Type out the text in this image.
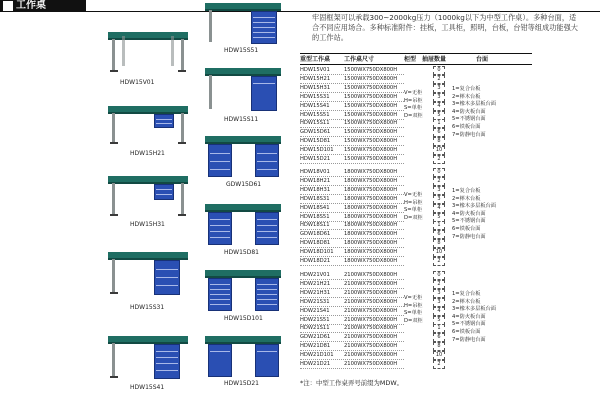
工作桌
牢固框架可以承载300~2000kg压力（1000kg以下为中型工作桌）。多种台面，适合不同应用场合。多种标准附件：挂板，工具柜，照明，台板，台钳等组成功能强大的工作站。
HDW15V01
HDW15H21
HDW15H31
HDW15S31
HDW15S41
HDW15S51
HDW15S11
GDW15D61
HDW15D81
HDW15D101
HDW15D21
重型工作桌 工作桌尺寸	柜型 抽屉数量	台面
HDW15V01	1500WX750DX800H	0
HDW15H21	1500WX750DX800H	2
HDW15H31	1500WX750DX800H	3
HDW15S31	1500WX750DX800H	3
HDW15S41	1500WX750DX800H	4
HDW15S51	1500WX750DX800H	5
HDW15S11	1500WX750DX800H	1
GDW15D61	1500WX750DX800H	6
HDW15D81	1500WX750DX800H	8
HDW15D101	1500WX750DX800H	10
HDW15D21	1500WX750DX800H	2
V=无柜
H=吊柜
S=单柜
D=双柜
1=复合台板
2=榉木台板
3=橡木多层板台面
4=防火板台面
5=不锈钢台面
6=铁板台面
7=防静电台面
HDW18V01	1800WX750DX800H	0
HDW18H21	1800WX750DX800H	2
HDW18H31	1800WX750DX800H	3
HDW18S31	1800WX750DX800H	3
HDW18S41	1800WX750DX800H	4
HDW18S51	1800WX750DX800H	5
HDW18S11	1800WX750DX800H	1
GDW18D61	1800WX750DX800H	6
HDW18D81	1800WX750DX800H	8
HDW18D101	1800WX750DX800H	10
HDW18D21	1800WX750DX800H	2
V=无柜
H=吊柜
S=单柜
D=双柜
1=复合台板
2=榉木台板
3=橡木多层板台面
4=防火板台面
5=不锈钢台面
6=铁板台面
7=防静电台面
HDW21V01	2100WX750DX800H	0
HDW21H21	2100WX750DX800H	2
HDW21H31	2100WX750DX800H	3
HDW21S31	2100WX750DX800H	3
HDW21S41	2100WX750DX800H	4
HDW21S51	2100WX750DX800H	5
HDW21S11	2100WX750DX800H	1
GDW21D61	2100WX750DX800H	6
HDW21D81	2100WX750DX800H	8
HDW21D101	2100WX750DX800H	10
HDW21D21	2100WX750DX800H	2
V=无柜
H=吊柜
S=单柜
D=双柜
1=复合台板
2=榉木台板
3=橡木多层板台面
4=防火板台面
5=不锈钢台面
6=铁板台面
7=防静电台面
*注：中型工作桌弄号前缀为MDW。
